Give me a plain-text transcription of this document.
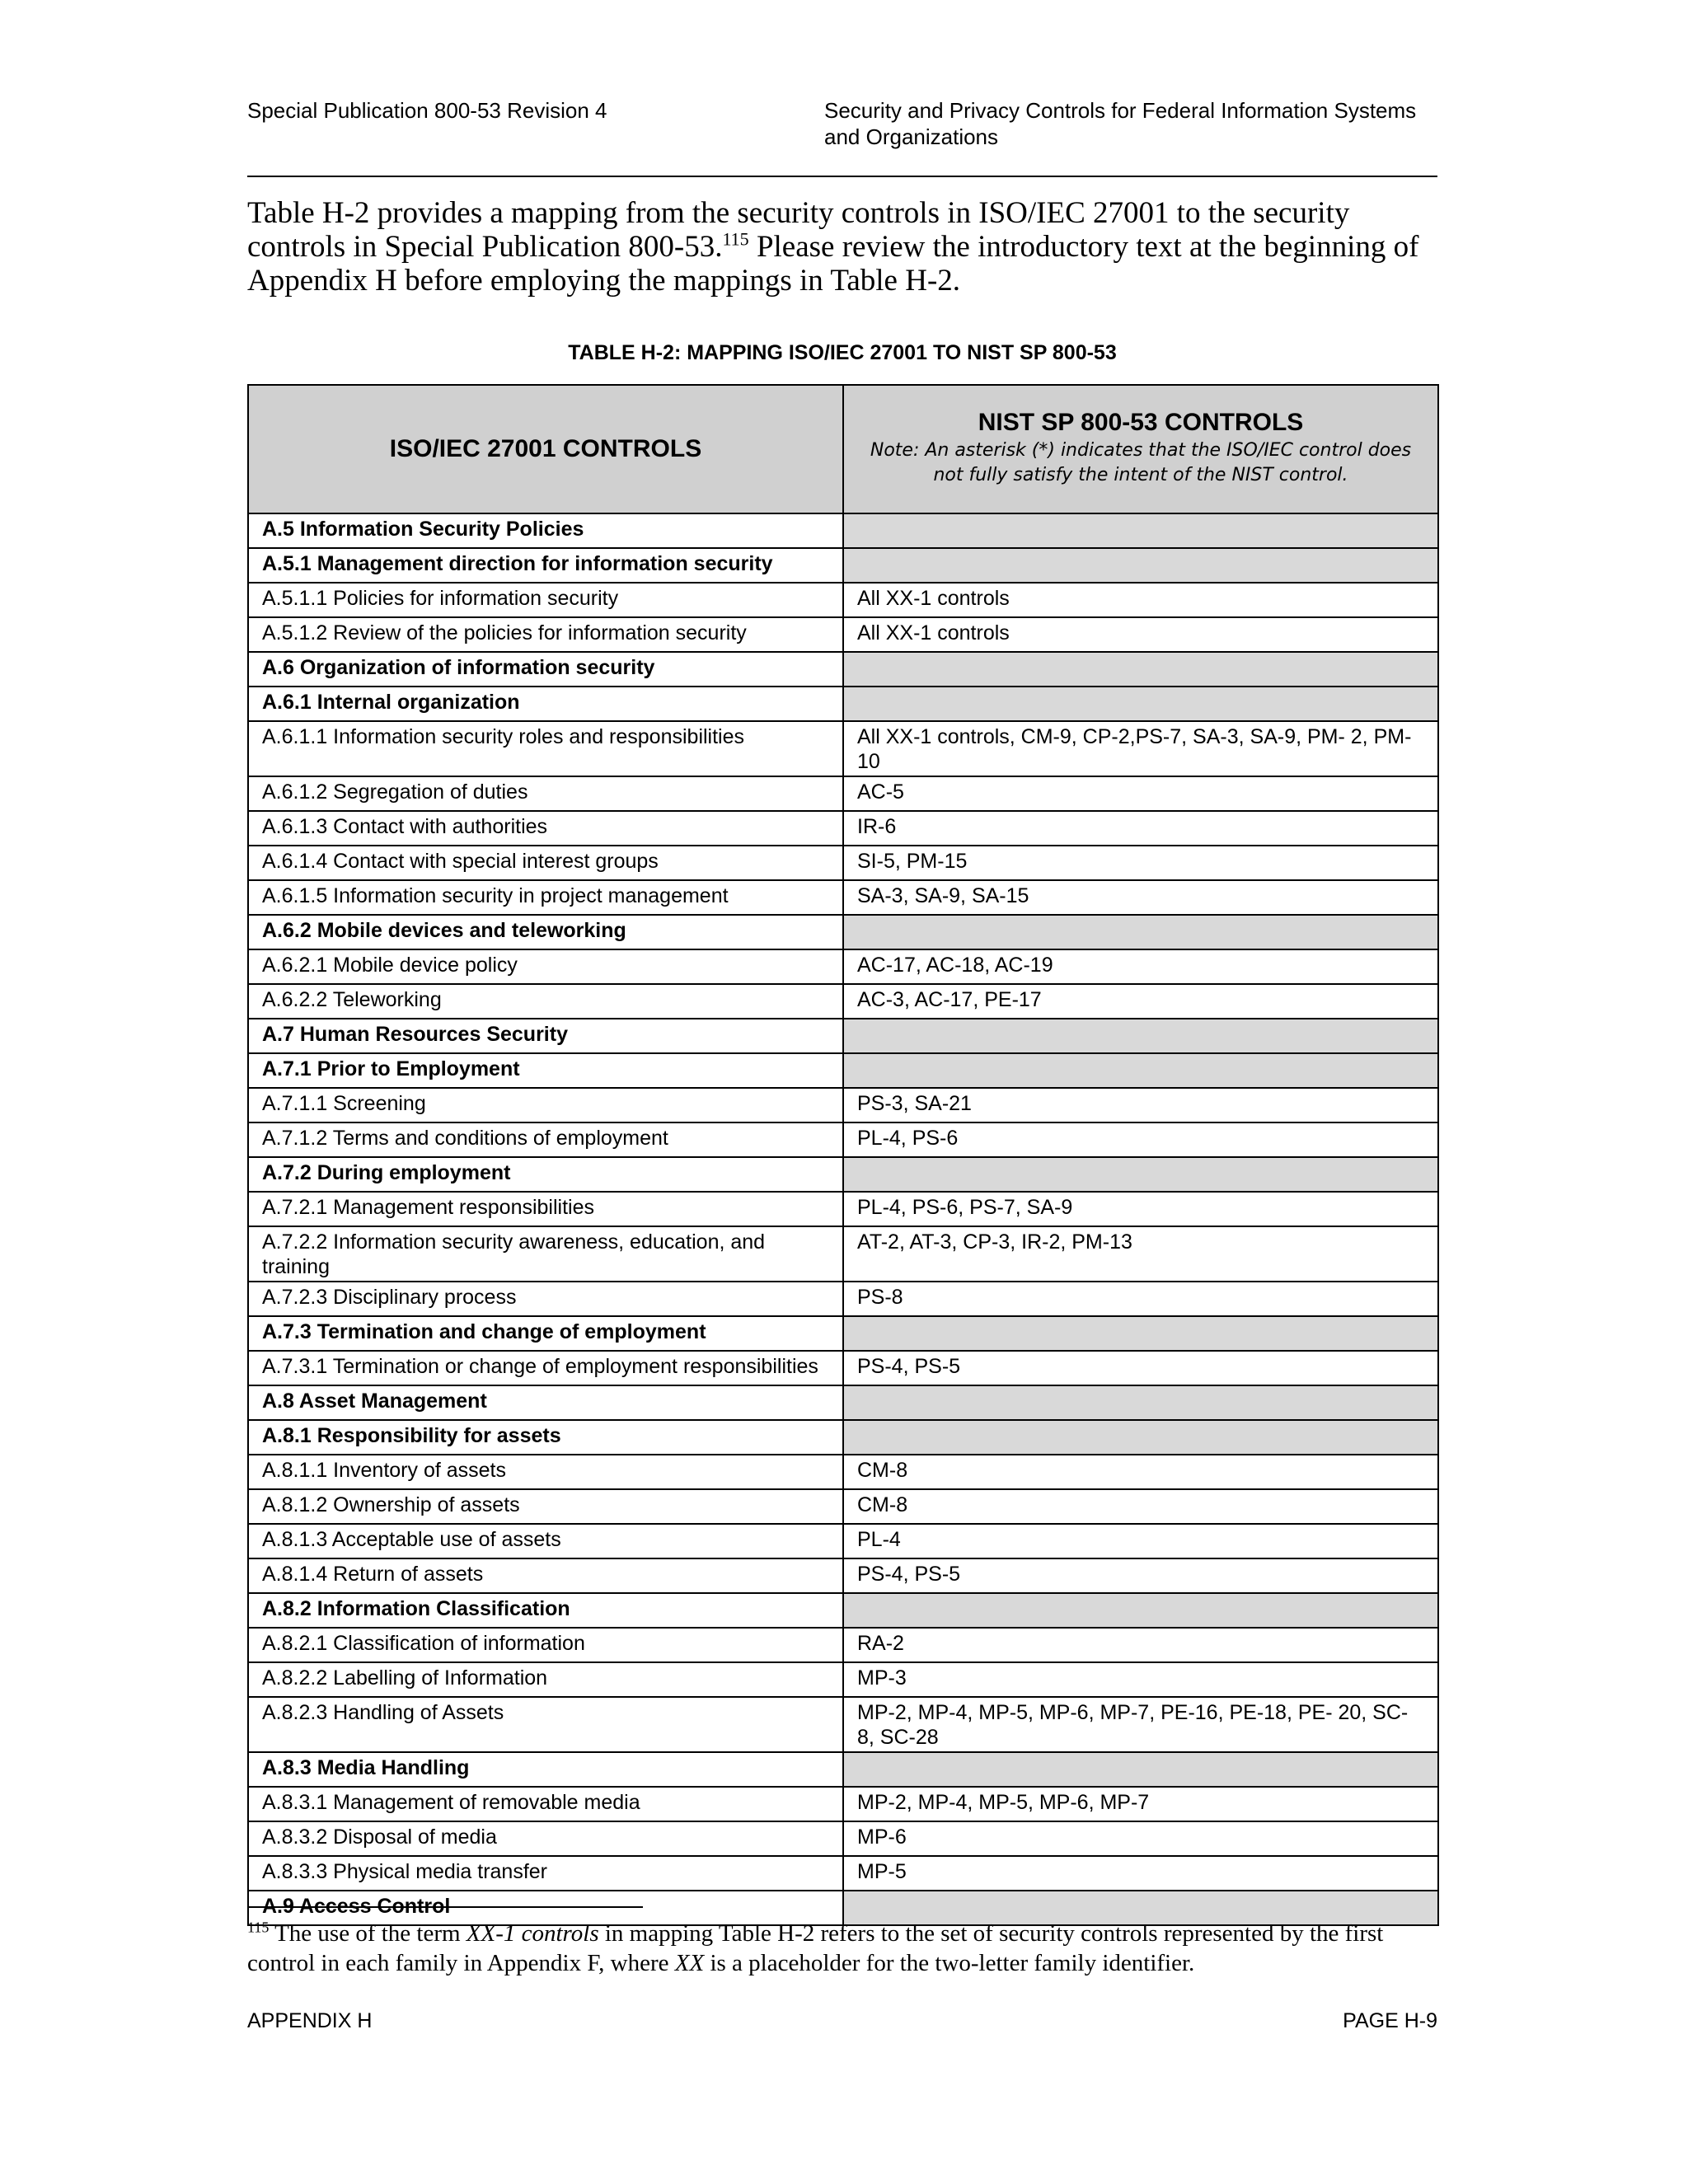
Special Publication 800-53 Revision 4	Security and Privacy Controls for Federal Information Systems and Organizations

Table H-2 provides a mapping from the security controls in ISO/IEC 27001 to the security controls in Special Publication 800-53.$^{115}$ Please review the introductory text at the beginning of Appendix H before employing the mappings in Table H-2.

TABLE H-2: MAPPING ISO/IEC 27001 TO NIST SP 800-53
ISO/IEC 27001 CONTROLS	NIST SP 800-53 CONTROLS
Note: An asterisk (*) indicates that the ISO/IEC control does not fully satisfy the intent of the NIST control.

A.5 Information Security Policies	
A.5.1 Management direction for information security	
A.5.1.1 Policies for information security	All XX-1 controls
A.5.1.2 Review of the policies for information security	All XX-1 controls
A.6 Organization of information security	
A.6.1 Internal organization	
A.6.1.1 Information security roles and responsibilities	All XX-1 controls, CM-9, CP-2,PS-7, SA-3, SA-9, PM- 2, PM-10
A.6.1.2 Segregation of duties	AC-5
A.6.1.3 Contact with authorities	IR-6
A.6.1.4 Contact with special interest groups	SI-5, PM-15
A.6.1.5 Information security in project management	SA-3, SA-9, SA-15
A.6.2 Mobile devices and teleworking	
A.6.2.1 Mobile device policy	AC-17, AC-18, AC-19
A.6.2.2 Teleworking	AC-3, AC-17, PE-17
A.7 Human Resources Security	
A.7.1 Prior to Employment	
A.7.1.1 Screening	PS-3, SA-21
A.7.1.2 Terms and conditions of employment	PL-4, PS-6
A.7.2 During employment	
A.7.2.1 Management responsibilities	PL-4, PS-6, PS-7, SA-9
A.7.2.2 Information security awareness, education, and training	AT-2, AT-3, CP-3, IR-2, PM-13
A.7.2.3 Disciplinary process	PS-8
A.7.3 Termination and change of employment	
A.7.3.1 Termination or change of employment responsibilities	PS-4, PS-5
A.8 Asset Management	
A.8.1 Responsibility for assets	
A.8.1.1 Inventory of assets	CM-8
A.8.1.2 Ownership of assets	CM-8
A.8.1.3 Acceptable use of assets	PL-4
A.8.1.4 Return of assets	PS-4, PS-5
A.8.2 Information Classification	
A.8.2.1 Classification of information	RA-2
A.8.2.2 Labelling of Information	MP-3
A.8.2.3 Handling of Assets	MP-2, MP-4, MP-5, MP-6, MP-7, PE-16, PE-18, PE- 20, SC-8, SC-28
A.8.3 Media Handling	
A.8.3.1 Management of removable media	MP-2, MP-4, MP-5, MP-6, MP-7
A.8.3.2 Disposal of media	MP-6
A.8.3.3 Physical media transfer	MP-5
A.9 Access Control	

$^{115}$ The use of the term XX-1 controls in mapping Table H-2 refers to the set of security controls represented by the first control in each family in Appendix F, where XX is a placeholder for the two-letter family identifier.

APPENDIX H	PAGE H-9
